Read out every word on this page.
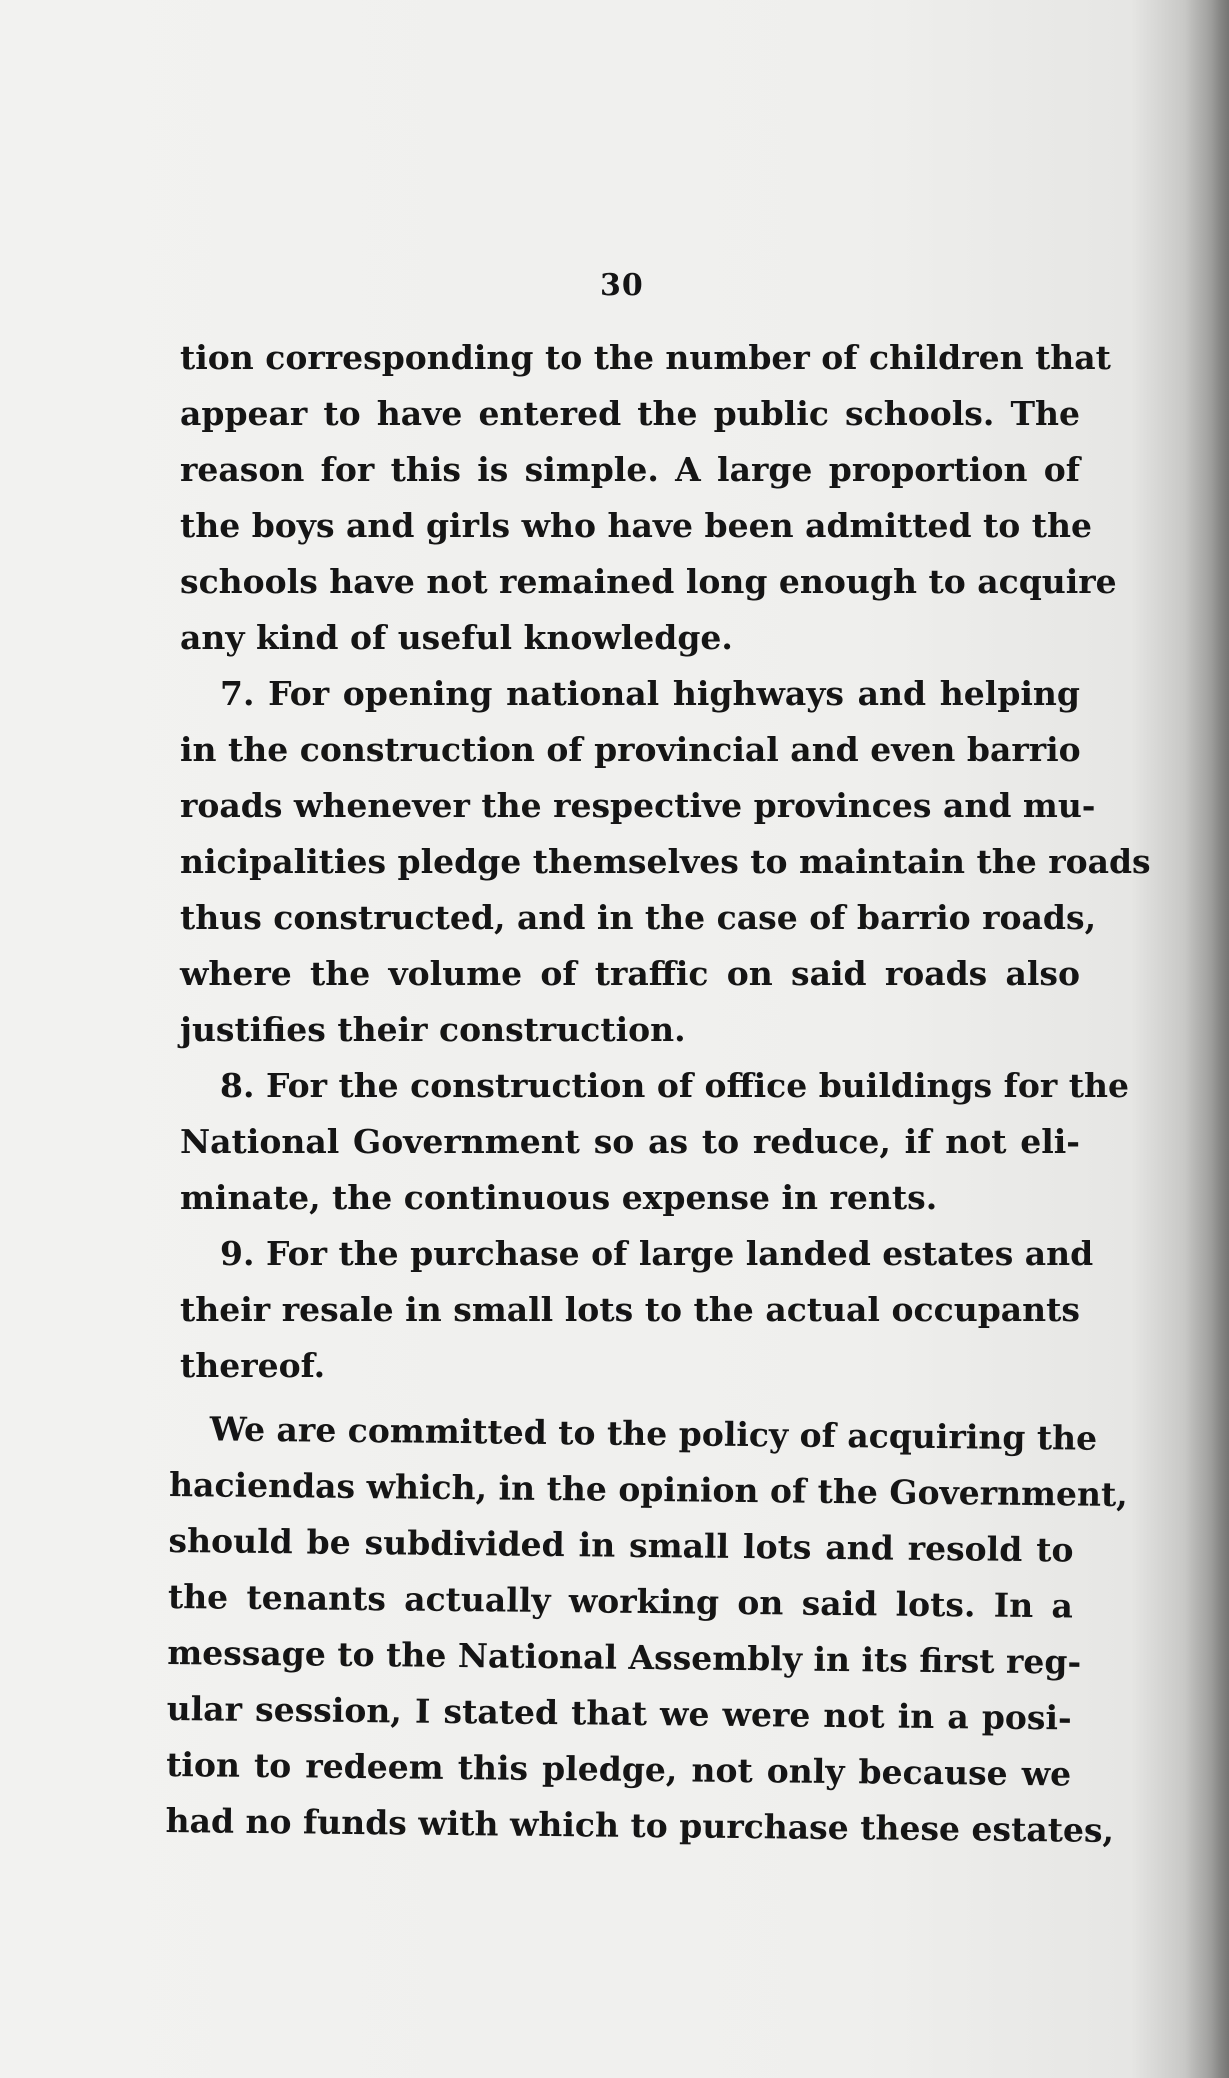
30
tion corresponding to the number of children that
appear to have entered the public schools. The
reason for this is simple. A large proportion of
the boys and girls who have been admitted to the
schools have not remained long enough to acquire
any kind of useful knowledge.
7. For opening national highways and helping
in the construction of provincial and even barrio
roads whenever the respective provinces and mu-
nicipalities pledge themselves to maintain the roads
thus constructed, and in the case of barrio roads,
where the volume of traffic on said roads also
justifies their construction.
8. For the construction of office buildings for the
National Government so as to reduce, if not eli-
minate, the continuous expense in rents.
9. For the purchase of large landed estates and
their resale in small lots to the actual occupants
thereof.
We are committed to the policy of acquiring the
haciendas which, in the opinion of the Government,
should be subdivided in small lots and resold to
the tenants actually working on said lots. In a
message to the National Assembly in its first reg-
ular session, I stated that we were not in a posi-
tion to redeem this pledge, not only because we
had no funds with which to purchase these estates,
